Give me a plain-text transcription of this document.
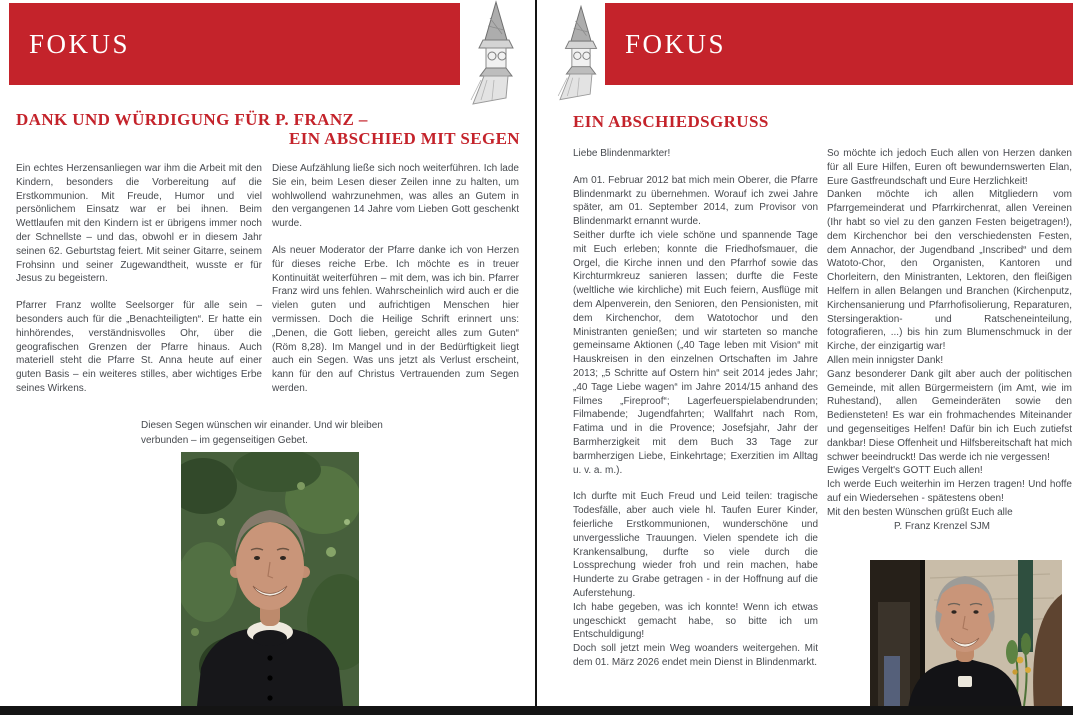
FOKUS
DANK UND WÜRDIGUNG FÜR P. FRANZ –
EIN ABSCHIED MIT SEGEN

Ein echtes Herzensanliegen war ihm die Arbeit mit den Kindern, besonders die Vorbereitung auf die Erstkommunion. Mit Freude, Humor und viel persönlichem Einsatz war er bei ihnen. Beim Wettlaufen mit den Kindern ist er übrigens immer noch der Schnellste – und das, obwohl er in diesem Jahr seinen 62. Geburtstag feiert. Mit seiner Gitarre, seinem Frohsinn und seiner Zugewandtheit, wusste er für Jesus zu begeistern.

Pfarrer Franz wollte Seelsorger für alle sein – besonders auch für die „Benachteiligten“. Er hatte ein hinhörendes, verständnisvolles Ohr, über die geografischen Grenzen der Pfarre hinaus. Auch materiell steht die Pfarre St. Anna heute auf einer guten Basis – ein weiteres stilles, aber wichtiges Erbe seines Wirkens.

Diese Aufzählung ließe sich noch weiterführen. Ich lade Sie ein, beim Lesen dieser Zeilen inne zu halten, um wohlwollend wahrzunehmen, was alles an Gutem in den vergangenen 14 Jahre vom Lieben Gott geschenkt wurde.

Als neuer Moderator der Pfarre danke ich von Herzen für dieses reiche Erbe. Ich möchte es in treuer Kontinuität weiterführen – mit dem, was ich bin. Pfarrer Franz wird uns fehlen. Wahrscheinlich wird auch er die vielen guten und aufrichtigen Menschen hier vermissen. Doch die Heilige Schrift erinnert uns: „Denen, die Gott lieben, gereicht alles zum Guten“ (Röm 8,28). Im Mangel und in der Bedürftigkeit liegt auch ein Segen. Was uns jetzt als Verlust erscheint, kann für den auf Christus Vertrauenden zum Segen werden.

Diesen Segen wünschen wir einander. Und wir bleiben verbunden – im gegenseitigen Gebet.
FOKUS
EIN ABSCHIEDSGRUSS

Liebe Blindenmarkter!

Am 01. Februar 2012 bat mich mein Oberer, die Pfarre Blindenmarkt zu übernehmen. Worauf ich zwei Jahre später, am 01. September 2014, zum Provisor von Blindenmarkt ernannt wurde.

Seither durfte ich viele schöne und spannende Tage mit Euch erleben; konnte die Friedhofsmauer, die Orgel, die Kirche innen und den Pfarrhof sowie das Kirchturmkreuz sanieren lassen; durfte die Feste (weltliche wie kirchliche) mit Euch feiern, Ausflüge mit dem Alpenverein, den Senioren, den Pensionisten, mit dem Kirchenchor, dem Watotochor und den Ministranten genießen; und wir starteten so manche gemeinsame Aktionen („40 Tage leben mit Vision“ mit Hauskreisen in den einzelnen Ortschaften im Jahre 2013; „5 Schritte auf Ostern hin“ seit 2014 jedes Jahr; „40 Tage Liebe wagen“ im Jahre 2014/15 anhand des Filmes „Fireproof“; Lagerfeuerspielabendrunden; Filmabende; Jugendfahrten; Wallfahrt nach Rom, Fatima und in die Provence; Josefsjahr, Jahr der Barmherzigkeit mit dem Buch 33 Tage zur barmherzigen Liebe, Einkehrtage; Exerzitien im Alltag u. v. a. m.).

Ich durfte mit Euch Freud und Leid teilen: tragische Todesfälle, aber auch viele hl. Taufen Eurer Kinder, feierliche Erstkommunionen, wunderschöne und unvergessliche Trauungen. Vielen spendete ich die Krankensalbung, durfte so viele durch die Lossprechung wieder froh und rein machen, habe Hunderte zu Grabe getragen - in der Hoffnung auf die Auferstehung.

Ich habe gegeben, was ich konnte! Wenn ich etwas ungeschickt gemacht habe, so bitte ich um Entschuldigung!

Doch soll jetzt mein Weg woanders weitergehen. Mit dem 01. März 2026 endet mein Dienst in Blindenmarkt.

So möchte ich jedoch Euch allen von Herzen danken für all Eure Hilfen, Euren oft bewundernswerten Elan, Eure Gastfreundschaft und Eure Herzlichkeit!

Danken möchte ich allen Mitgliedern vom Pfarrgemeinderat und Pfarrkirchenrat, allen Vereinen (Ihr habt so viel zu den ganzen Festen beigetragen!), dem Kirchenchor bei den verschiedensten Festen, dem Annachor, der Jugendband „Inscribed“ und dem Watoto-Chor, den Organisten, Kantoren und Chorleitern, den Ministranten, Lektoren, den fleißigen Helfern in allen Belangen und Branchen (Kirchenputz, Kirchensanierung und Pfarrhofisolierung, Reparaturen, Stersingeraktion- und Ratscheneinteilung, fotografieren, ...) bis hin zum Blumenschmuck in der Kirche, der einzigartig war!

Allen mein innigster Dank!

Ganz besonderer Dank gilt aber auch der politischen Gemeinde, mit allen Bürgermeistern (im Amt, wie im Ruhestand), allen Gemeinderäten sowie den Bediensteten! Es war ein frohmachendes Miteinander und gegenseitiges Helfen! Dafür bin ich Euch zutiefst dankbar! Diese Offenheit und Hilfsbereitschaft hat mich schwer beeindruckt! Das werde ich nie vergessen!

Ewiges Vergelt's GOTT Euch allen!

Ich werde Euch weiterhin im Herzen tragen! Und hoffe auf ein Wiedersehen - spätestens oben!

Mit den besten Wünschen grüßt Euch alle

P. Franz Krenzel SJM
